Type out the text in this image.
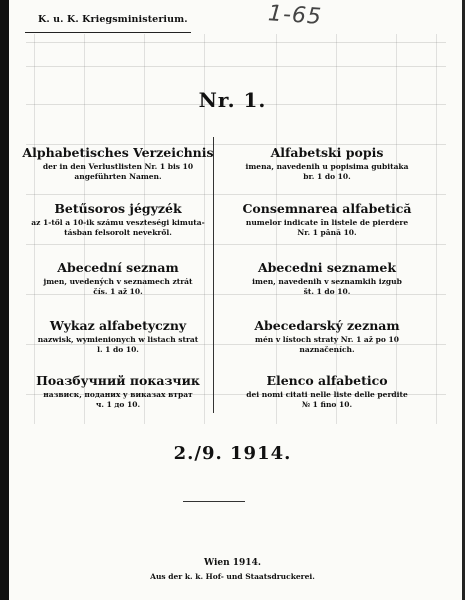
K. u. K. Kriegsministerium.	1-65
Nr. 1.
Alphabetisches Verzeichnis
der in den Verlustlisten Nr. 1 bis 10
angeführten Namen.
Betűsoros jégyzék
az 1-től a 10-ik számu veszteségi kimuta-
tásban felsorolt nevekről.
Abecední seznam
jmen, uvedených v seznamech ztrát
čís. 1 až 10.
Wykaz alfabetyczny
nazwisk, wymienionych w listach strat
l. 1 do 10.
Поазбучний показчик
назвиск, поданих у виказах втрат
ч. 1 до 10.
Alfabetski popis
imena, navedenih u popisima gubitaka
br. 1 do 10.
Consemnarea alfabetică
numelor indicate în listele de pierdere
Nr. 1 până 10.
Abecedni seznamek
imen, navedenih v seznamkih izgub
št. 1 do 10.
Abecedarský zeznam
mén v lístoch straty Nr. 1 až po 10
naznačeních.
Elenco alfabetico
dei nomi citati nelle liste delle perdite
№ 1 fino 10.
2./9. 1914.
Wien 1914.
Aus der k. k. Hof- und Staatsdruckerei.
